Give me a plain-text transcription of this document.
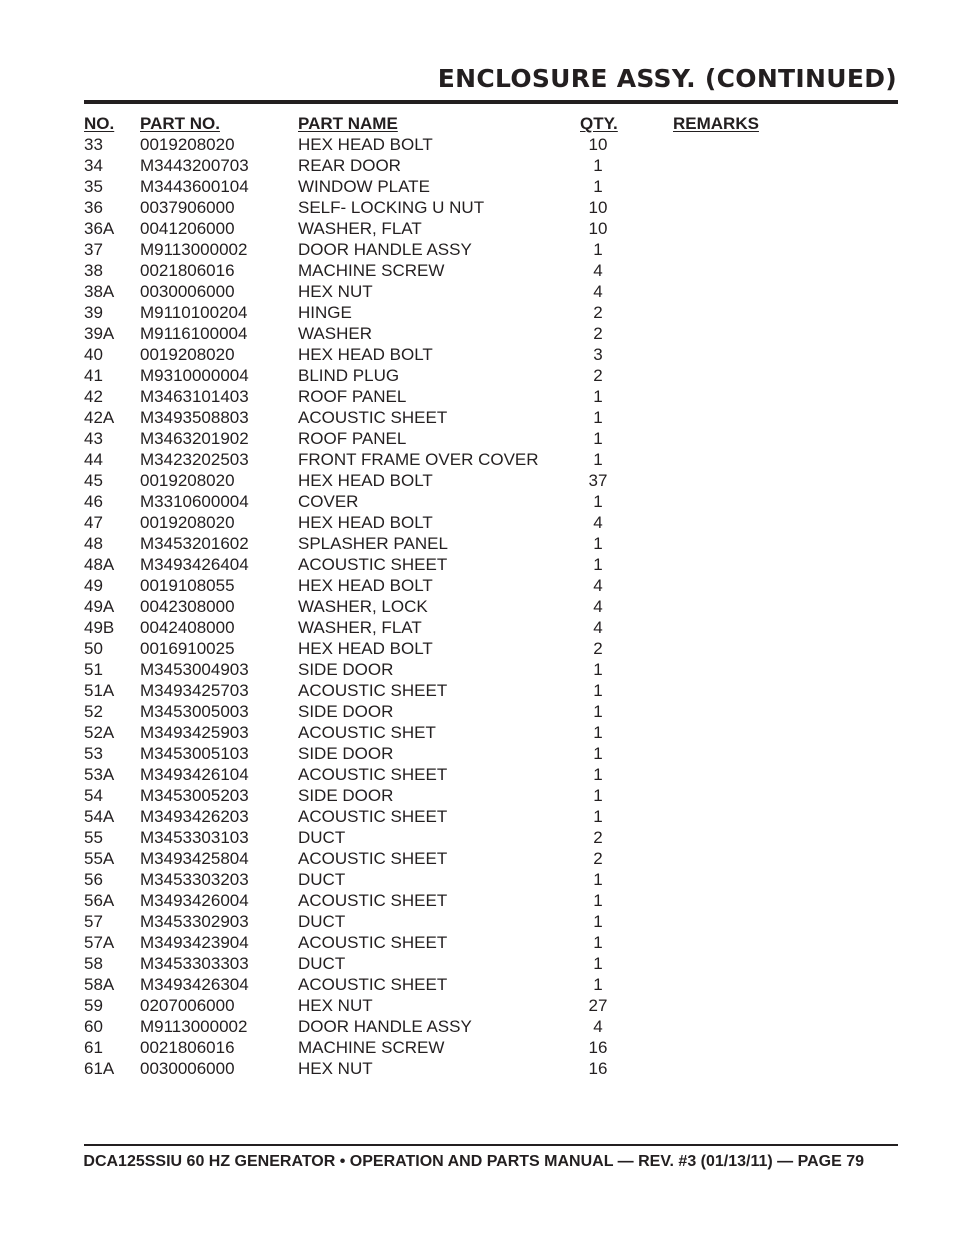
ENCLOSURE ASSY. (CONTINUED)
NO. PART NO.	PART NAME	QTY.	REMARKS
33 0019208020	HEX HEAD BOLT	10
34 M3443200703	REAR DOOR	1
35 M3443600104	WINDOW PLATE	1
36 0037906000	SELF- LOCKING U NUT	10
36A 0041206000	WASHER, FLAT	10
37 M9113000002	DOOR HANDLE ASSY	1
38 0021806016	MACHINE SCREW	4
38A 0030006000	HEX NUT	4
39 M9110100204	HINGE	2
39A M9116100004	WASHER	2
40 0019208020	HEX HEAD BOLT	3
41 M9310000004	BLIND PLUG	2
42 M3463101403	ROOF PANEL	1
42A M3493508803	ACOUSTIC SHEET	1
43 M3463201902	ROOF PANEL	1
44 M3423202503	FRONT FRAME OVER COVER	1
45 0019208020	HEX HEAD BOLT	37
46 M3310600004	COVER	1
47 0019208020	HEX HEAD BOLT	4
48 M3453201602	SPLASHER PANEL	1
48A M3493426404	ACOUSTIC SHEET	1
49 0019108055	HEX HEAD BOLT	4
49A 0042308000	WASHER, LOCK	4
49B 0042408000	WASHER, FLAT	4
50 0016910025	HEX HEAD BOLT	2
51 M3453004903	SIDE DOOR	1
51A M3493425703	ACOUSTIC SHEET	1
52 M3453005003	SIDE DOOR	1
52A M3493425903	ACOUSTIC SHET	1
53 M3453005103	SIDE DOOR	1
53A M3493426104	ACOUSTIC SHEET	1
54 M3453005203	SIDE DOOR	1
54A M3493426203	ACOUSTIC SHEET	1
55 M3453303103	DUCT	2
55A M3493425804	ACOUSTIC SHEET	2
56 M3453303203	DUCT	1
56A M3493426004	ACOUSTIC SHEET	1
57 M3453302903	DUCT	1
57A M3493423904	ACOUSTIC SHEET	1
58 M3453303303	DUCT	1
58A M3493426304	ACOUSTIC SHEET	1
59 0207006000	HEX NUT	27
60 M9113000002	DOOR HANDLE ASSY	4
61 0021806016	MACHINE SCREW	16
61A 0030006000	HEX NUT	16
DCA125SSIU 60 HZ GENERATOR • OPERATION AND PARTS MANUAL — REV. #3 (01/13/11) — PAGE 79
